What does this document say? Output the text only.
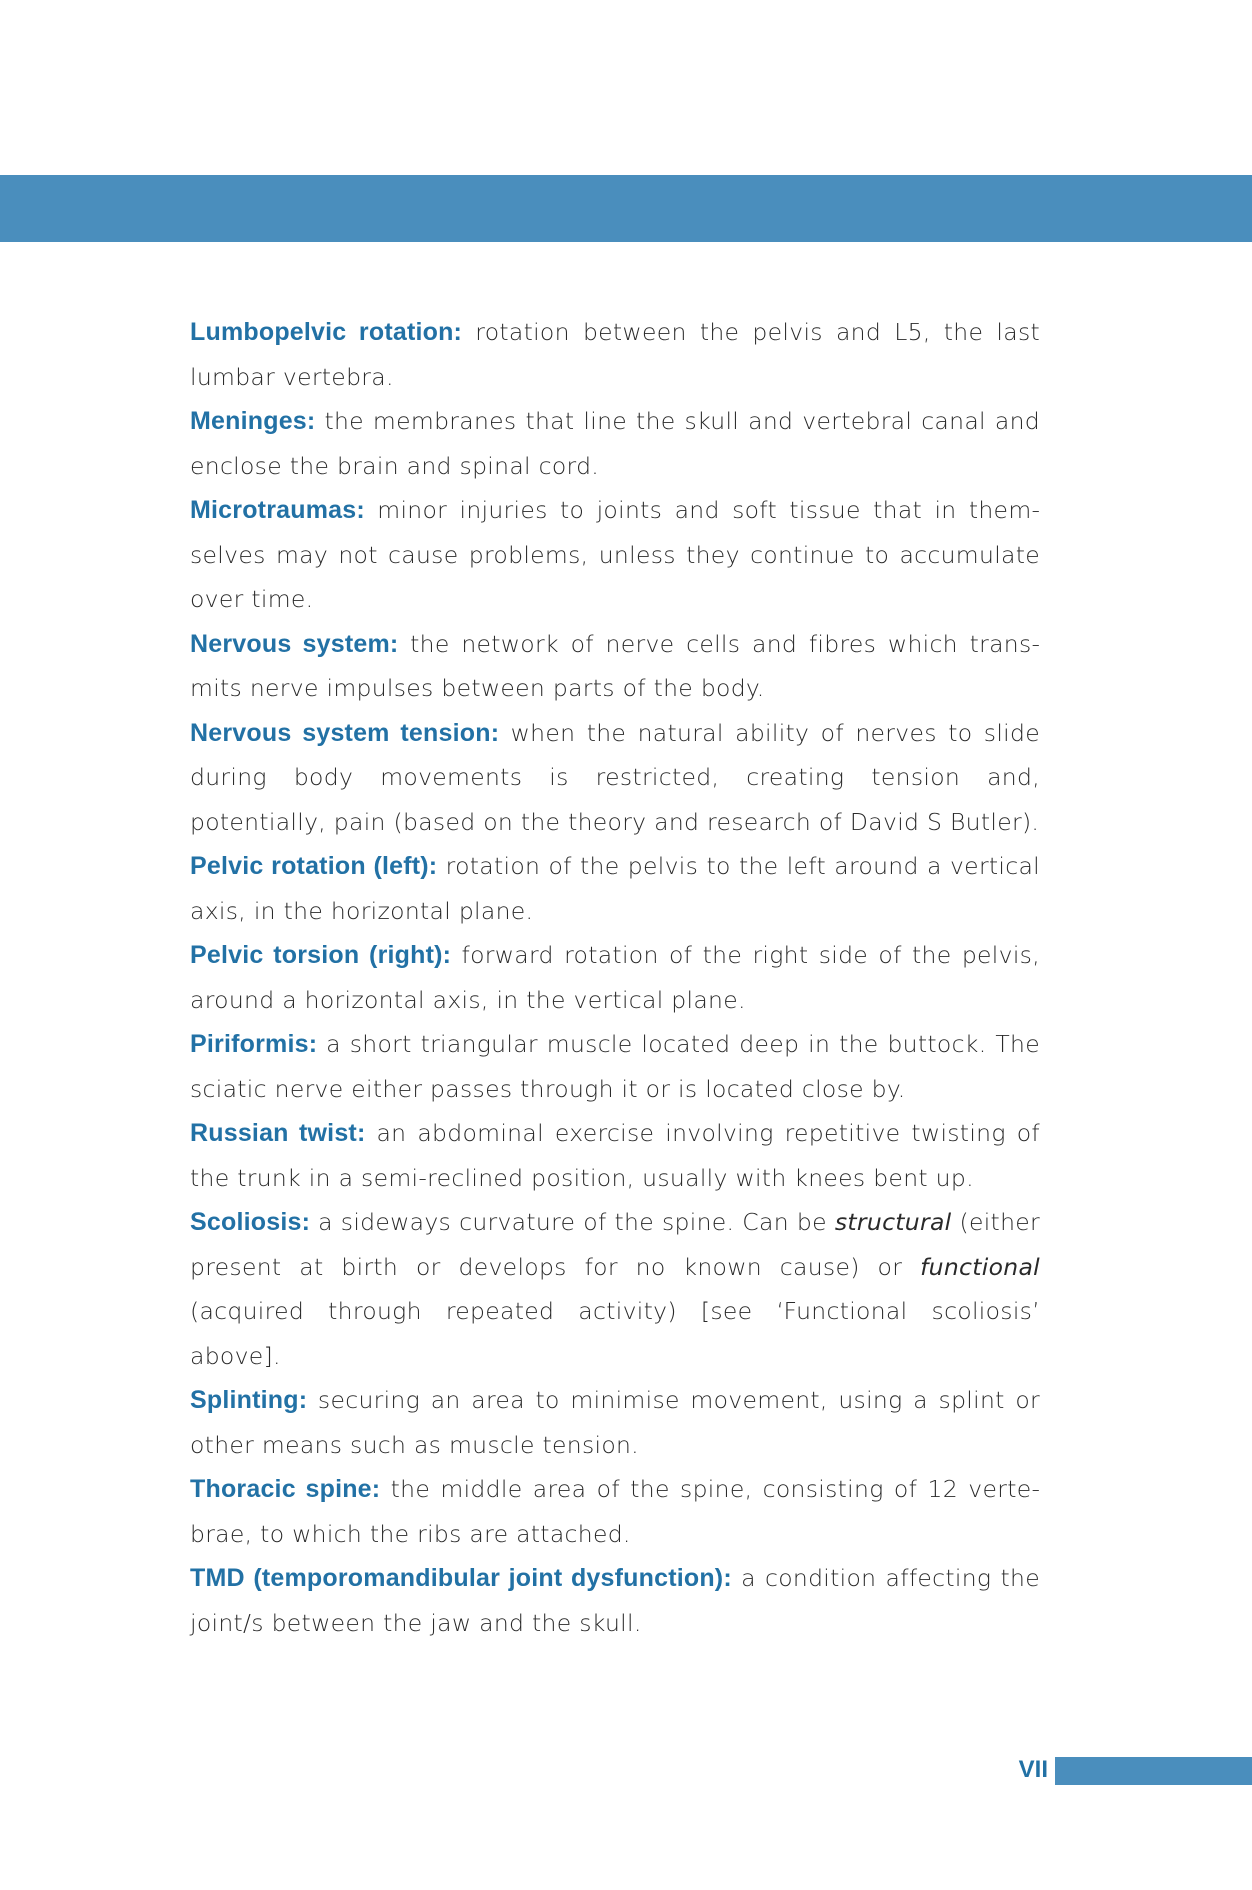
Lumbopelvic rotation: rotation between the pelvis and L5, the last lumbar vertebra.

Meninges: the membranes that line the skull and vertebral canal and enclose the brain and spinal cord.

Microtraumas: minor injuries to joints and soft tissue that in themselves may not cause problems, unless they continue to accumulate over time.

Nervous system: the network of nerve cells and fibres which transmits nerve impulses between parts of the body.

Nervous system tension: when the natural ability of nerves to slide during body movements is restricted, creating tension and, potentially, pain (based on the theory and research of David S Butler).

Pelvic rotation (left): rotation of the pelvis to the left around a vertical axis, in the horizontal plane.

Pelvic torsion (right): forward rotation of the right side of the pelvis, around a horizontal axis, in the vertical plane.

Piriformis: a short triangular muscle located deep in the buttock. The sciatic nerve either passes through it or is located close by.

Russian twist: an abdominal exercise involving repetitive twisting of the trunk in a semi-reclined position, usually with knees bent up.

Scoliosis: a sideways curvature of the spine. Can be structural (either present at birth or develops for no known cause) or functional (acquired through repeated activity) [see ‘Functional scoliosis’ above].

Splinting: securing an area to minimise movement, using a splint or other means such as muscle tension.

Thoracic spine: the middle area of the spine, consisting of 12 vertebrae, to which the ribs are attached.

TMD (temporomandibular joint dysfunction): a condition affecting the joint/s between the jaw and the skull.

VII
